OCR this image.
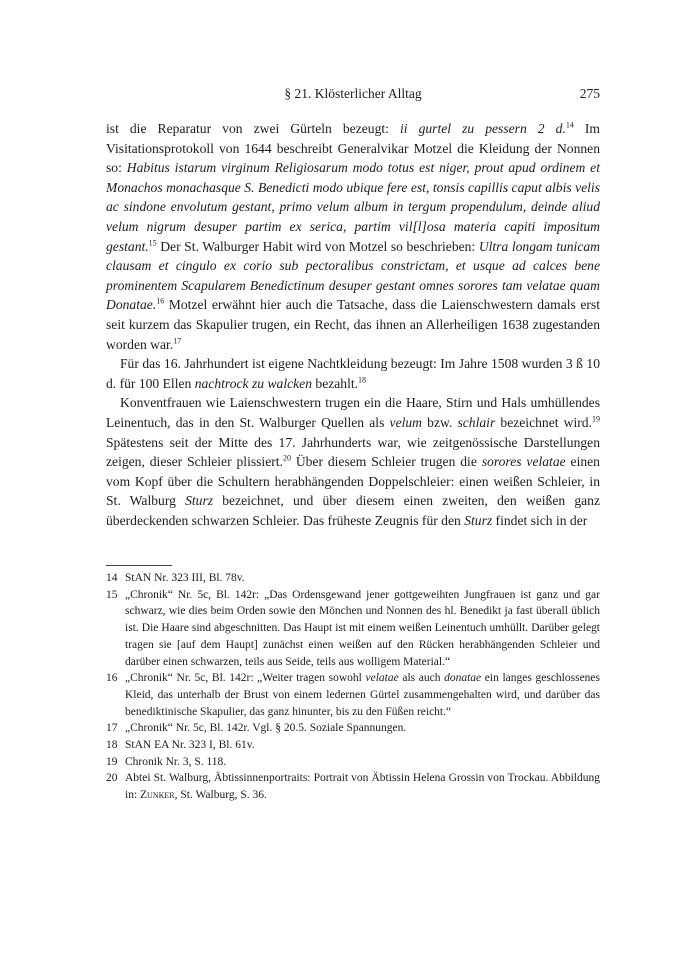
§ 21. Klösterlicher Alltag	275

ist die Reparatur von zwei Gürteln bezeugt: ii gurtel zu pessern 2 d.$^{14}$ Im Visitationsprotokoll von 1644 beschreibt Generalvikar Motzel die Kleidung der Nonnen so: Habitus istarum virginum Religiosarum modo totus est niger, prout apud ordinem et Monachos monachasque S. Benedicti modo ubique fere est, tonsis capillis caput albis velis ac sindone envolutum gestant, primo velum album in tergum propendulum, deinde aliud velum nigrum desuper partim ex serica, partim vil[l]osa materia capiti impositum gestant.$^{15}$ Der St. Walburger Habit wird von Motzel so beschrieben: Ultra longam tunicam clausam et cingulo ex corio sub pectoralibus constrictam, et usque ad calces bene prominentem Scapularem Benedictinum desuper gestant omnes sorores tam velatae quam Donatae.$^{16}$ Motzel erwähnt hier auch die Tatsache, dass die Laienschwestern damals erst seit kurzem das Skapulier trugen, ein Recht, das ihnen an Allerheiligen 1638 zugestanden worden war.$^{17}$

Für das 16. Jahrhundert ist eigene Nachtkleidung bezeugt: Im Jahre 1508 wurden 3 ß 10 d. für 100 Ellen nachtrock zu walcken bezahlt.$^{18}$

Konventfrauen wie Laienschwestern trugen ein die Haare, Stirn und Hals umhüllendes Leinentuch, das in den St. Walburger Quellen als velum bzw. schlair bezeichnet wird.$^{19}$ Spätestens seit der Mitte des 17. Jahrhunderts war, wie zeitgenössische Darstellungen zeigen, dieser Schleier plissiert.$^{20}$ Über diesem Schleier trugen die sorores velatae einen vom Kopf über die Schultern herabhängenden Doppelschleier: einen weißen Schleier, in St. Walburg Sturz bezeichnet, und über diesem einen zweiten, den weißen ganz überdeckenden schwarzen Schleier. Das früheste Zeugnis für den Sturz findet sich in der

14 StAN Nr. 323 III, Bl. 78v.
15 „Chronik“ Nr. 5c, Bl. 142r: „Das Ordensgewand jener gottgeweihten Jungfrauen ist ganz und gar schwarz, wie dies beim Orden sowie den Mönchen und Nonnen des hl. Benedikt ja fast überall üblich ist. Die Haare sind abgeschnitten. Das Haupt ist mit einem weißen Leinentuch umhüllt. Darüber gelegt tragen sie [auf dem Haupt] zunächst einen weißen auf den Rücken herabhängenden Schleier und darüber einen schwarzen, teils aus Seide, teils aus wolligem Material.“
16 „Chronik“ Nr. 5c, Bl. 142r: „Weiter tragen sowohl velatae als auch donatae ein langes geschlossenes Kleid, das unterhalb der Brust von einem ledernen Gürtel zusammengehalten wird, und darüber das benediktinische Skapulier, das ganz hinunter, bis zu den Füßen reicht.“
17 „Chronik“ Nr. 5c, Bl. 142r. Vgl. § 20.5. Soziale Spannungen.
18 StAN EA Nr. 323 I, Bl. 61v.
19 Chronik Nr. 3, S. 118.
20 Abtei St. Walburg, Äbtissinnenportraits: Portrait von Äbtissin Helena Grossin von Trockau. Abbildung in: Zunker, St. Walburg, S. 36.
